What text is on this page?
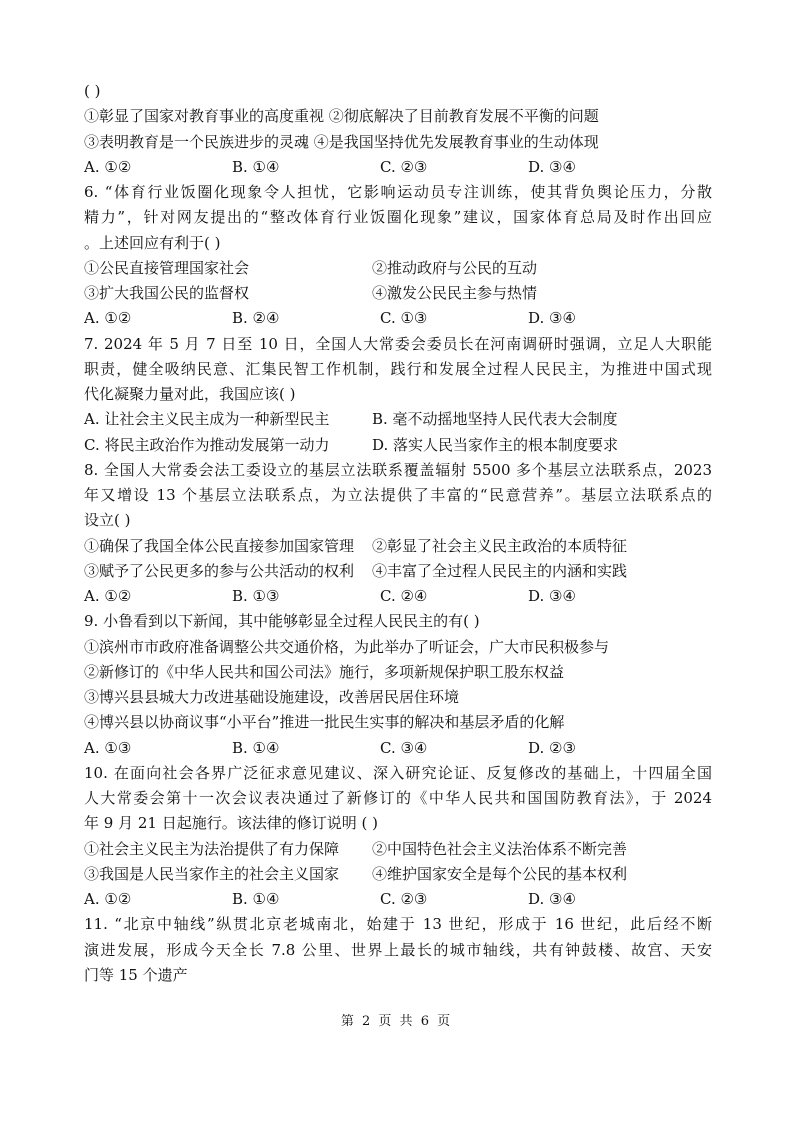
( )
①彰显了国家对教育事业的高度重视 ②彻底解决了目前教育发展不平衡的问题
③表明教育是一个民族进步的灵魂 ④是我国坚持优先发展教育事业的生动体现
A. ①②	B. ①④	C. ②③	D. ③④
6. “体育行业饭圈化现象令人担忧，它影响运动员专注训练，使其背负舆论压力，分散
精力”，针对网友提出的“整改体育行业饭圈化现象”建议，国家体育总局及时作出回应
。上述回应有利于( )
①公民直接管理国家社会	②推动政府与公民的互动
③扩大我国公民的监督权	④激发公民民主参与热情
A. ①②	B. ②④	C. ①③	D. ③④
7. 2024 年 5 月 7 日至 10 日，全国人大常委会委员长在河南调研时强调，立足人大职能
职责，健全吸纳民意、汇集民智工作机制，践行和发展全过程人民民主，为推进中国式现
代化凝聚力量对此，我国应该( )
A. 让社会主义民主成为一种新型民主	B. 毫不动摇地坚持人民代表大会制度
C. 将民主政治作为推动发展第一动力	D. 落实人民当家作主的根本制度要求
8. 全国人大常委会法工委设立的基层立法联系覆盖辐射 5500 多个基层立法联系点，2023
年又增设 13 个基层立法联系点，为立法提供了丰富的“民意营养”。基层立法联系点的
设立( )
①确保了我国全体公民直接参加国家管理	②彰显了社会主义民主政治的本质特征
③赋予了公民更多的参与公共活动的权利	④丰富了全过程人民民主的内涵和实践
A. ①②	B. ①③	C. ②④	D. ③④
9. 小鲁看到以下新闻，其中能够彰显全过程人民民主的有( )
①滨州市市政府准备调整公共交通价格，为此举办了听证会，广大市民积极参与
②新修订的《中华人民共和国公司法》施行，多项新规保护职工股东权益
③博兴县县城大力改进基础设施建设，改善居民居住环境
④博兴县以协商议事“小平台”推进一批民生实事的解决和基层矛盾的化解
A. ①③	B. ①④	C. ③④	D. ②③
10. 在面向社会各界广泛征求意见建议、深入研究论证、反复修改的基础上，十四届全国
人大常委会第十一次会议表决通过了新修订的《中华人民共和国国防教育法》，于 2024
年 9 月 21 日起施行。该法律的修订说明 ( )
①社会主义民主为法治提供了有力保障	②中国特色社会主义法治体系不断完善
③我国是人民当家作主的社会主义国家	④维护国家安全是每个公民的基本权利
A. ①②	B. ①④	C. ②③	D. ③④
11. “北京中轴线”纵贯北京老城南北，始建于 13 世纪，形成于 16 世纪，此后经不断
演进发展，形成今天全长 7.8 公里、世界上最长的城市轴线，共有钟鼓楼、故宫、天安
门等 15 个遗产
第 2 页 共 6 页
